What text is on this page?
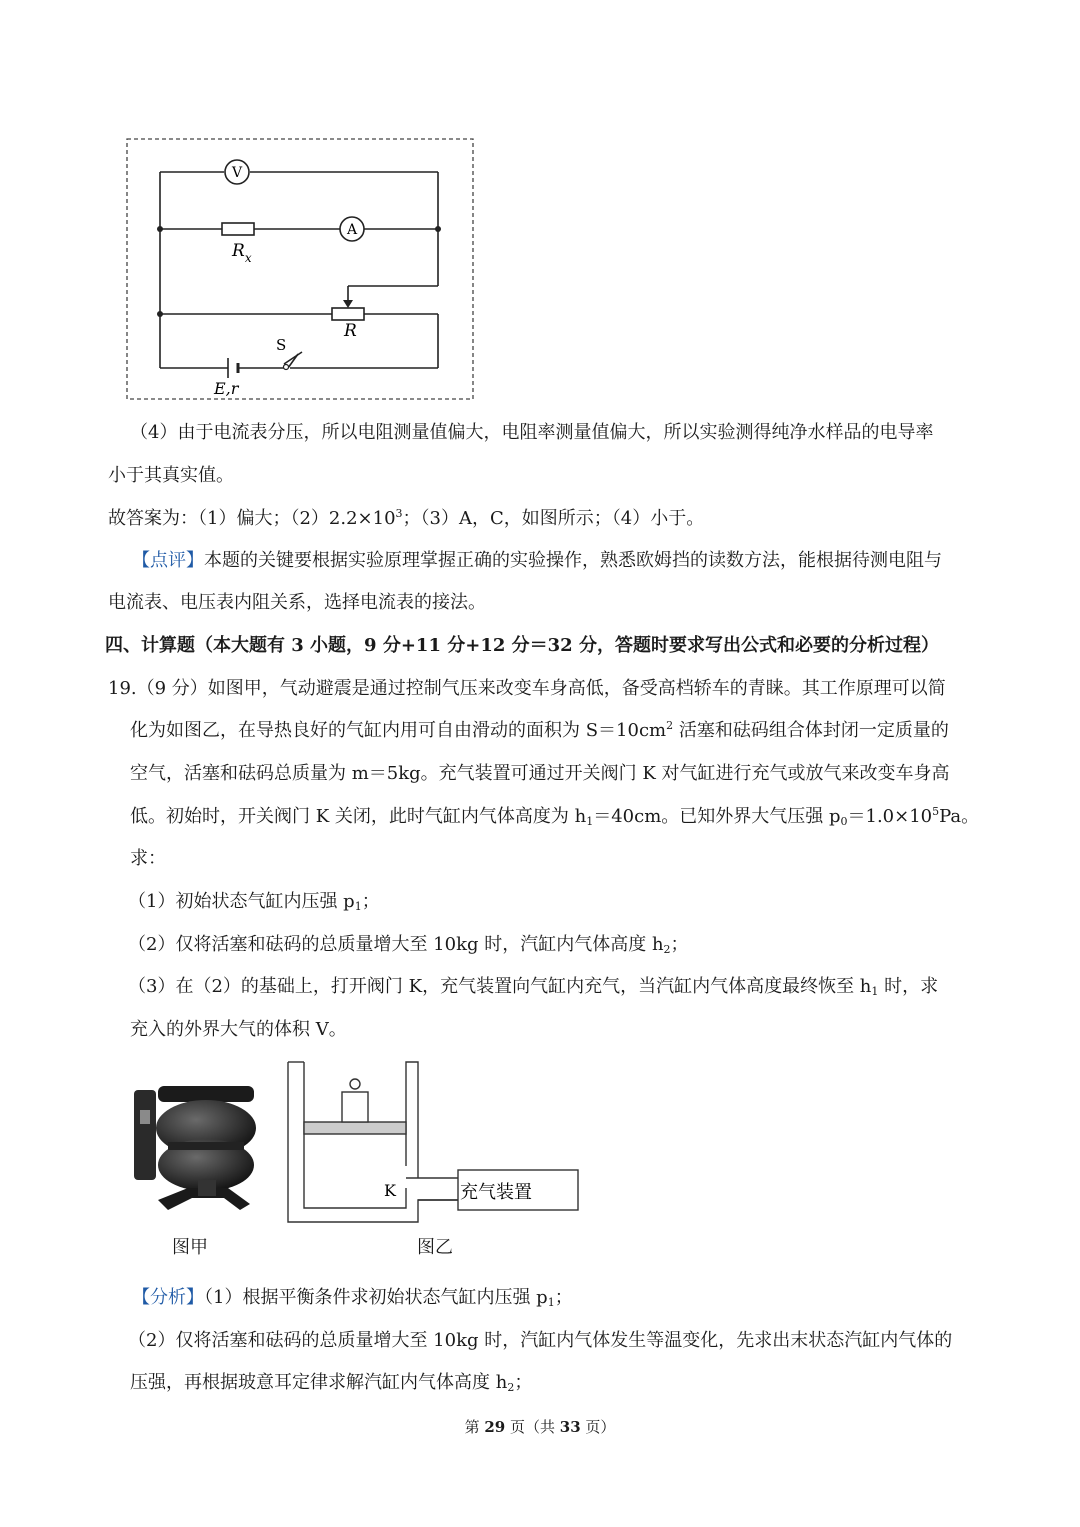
V
A
$R_x$
R
E,r
S
（4）由于电流表分压，所以电阻测量值偏大，电阻率测量值偏大，所以实验测得纯净水样品的电导率
小于其真实值。
故答案为：（1）偏大；$(2)2.2\times 10^3$；（3）A，C，如图所示；（4）小于。
【点评】本题的关键要根据实验原理掌握正确的实验操作，熟悉欧姆挡的读数方法，能根据待测电阻与
电流表、电压表内阻关系，选择电流表的接法。
四、计算题（本大题有 3 小题，9 分+11 分+12 分＝32 分，答题时要求写出公式和必要的分析过程）
19.（9 分）如图甲，气动避震是通过控制气压来改变车身高低，备受高档轿车的青睐。其工作原理可以简
化为如图乙，在导热良好的气缸内用可自由滑动的面积为 $S=10cm^2$ 活塞和砝码组合体封闭一定质量的
空气，活塞和砝码总质量为 m＝5kg。充气装置可通过开关阀门 K 对气缸进行充气或放气来改变车身高
低。初始时，开关阀门 K 关闭，此时气缸内气体高度为 $h_1=40cm$。已知外界大气压强 $p_0=1.0\times 10^5Pa$。
求：
（1）初始状态气缸内压强 $p_1$；
（2）仅将活塞和砝码的总质量增大至 10kg 时，汽缸内气体高度 $h_2$；
（3）在（2）的基础上，打开阀门 K，充气装置向气缸内充气，当汽缸内气体高度最终恢至 $h_1$ 时，求
充入的外界大气的体积 V。
图甲
K	充气装置
图乙
【分析】（1）根据平衡条件求初始状态气缸内压强 $p_1$；
（2）仅将活塞和砝码的总质量增大至 10kg 时，汽缸内气体发生等温变化，先求出末状态汽缸内气体的
压强，再根据玻意耳定律求解汽缸内气体高度 $h_2$；
第 29 页（共 33 页）
